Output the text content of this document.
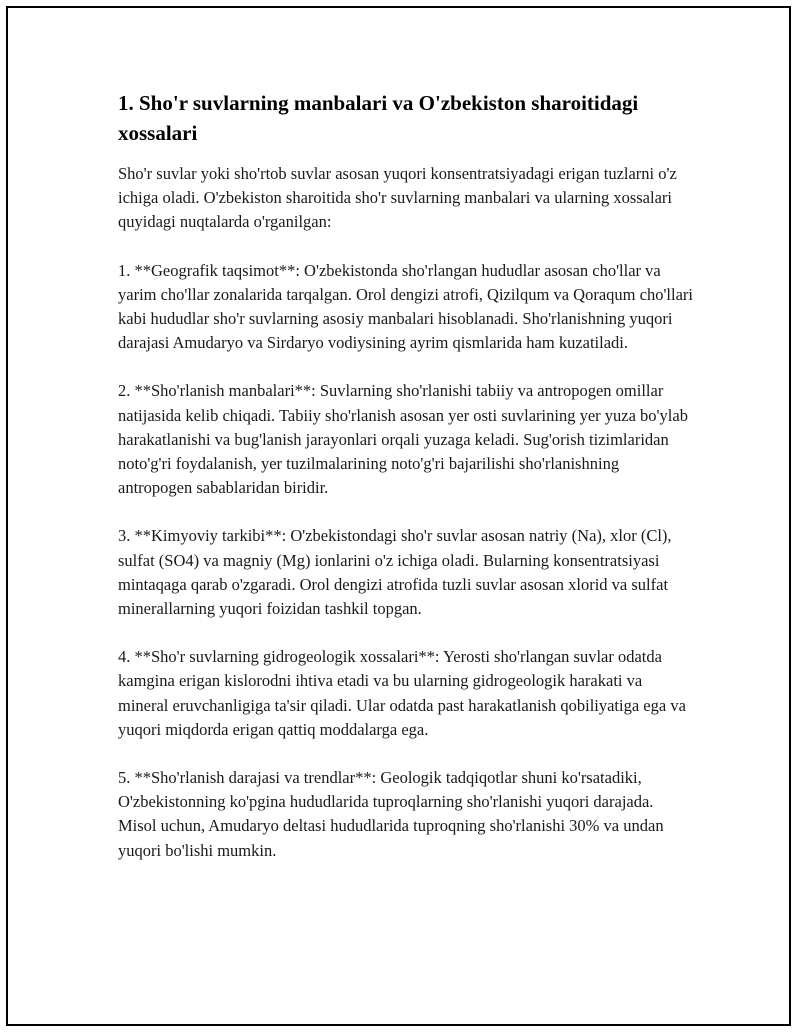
1. Sho'r suvlarning manbalari va O'zbekiston sharoitidagi xossalari

Sho'r suvlar yoki sho'rtob suvlar asosan yuqori konsentratsiyadagi erigan tuzlarni o'z ichiga oladi. O'zbekiston sharoitida sho'r suvlarning manbalari va ularning xossalari quyidagi nuqtalarda o'rganilgan:

1. **Geografik taqsimot**: O'zbekistonda sho'rlangan hududlar asosan cho'llar va yarim cho'llar zonalarida tarqalgan. Orol dengizi atrofi, Qizilqum va Qoraqum cho'llari kabi hududlar sho'r suvlarning asosiy manbalari hisoblanadi. Sho'rlanishning yuqori darajasi Amudaryo va Sirdaryo vodiysining ayrim qismlarida ham kuzatiladi.

2. **Sho'rlanish manbalari**: Suvlarning sho'rlanishi tabiiy va antropogen omillar natijasida kelib chiqadi. Tabiiy sho'rlanish asosan yer osti suvlarining yer yuza bo'ylab harakatlanishi va bug'lanish jarayonlari orqali yuzaga keladi. Sug'orish tizimlaridan noto'g'ri foydalanish, yer tuzilmalarining noto'g'ri bajarilishi sho'rlanishning antropogen sabablaridan biridir.

3. **Kimyoviy tarkibi**: O'zbekistondagi sho'r suvlar asosan natriy (Na), xlor (Cl), sulfat (SO4) va magniy (Mg) ionlarini o'z ichiga oladi. Bularning konsentratsiyasi mintaqaga qarab o'zgaradi. Orol dengizi atrofida tuzli suvlar asosan xlorid va sulfat minerallarning yuqori foizidan tashkil topgan.

4. **Sho'r suvlarning gidrogeologik xossalari**: Yerosti sho'rlangan suvlar odatda kamgina erigan kislorodni ihtiva etadi va bu ularning gidrogeologik harakati va mineral eruvchanligiga ta'sir qiladi. Ular odatda past harakatlanish qobiliyatiga ega va yuqori miqdorda erigan qattiq moddalarga ega.

5. **Sho'rlanish darajasi va trendlar**: Geologik tadqiqotlar shuni ko'rsatadiki, O'zbekistonning ko'pgina hududlarida tuproqlarning sho'rlanishi yuqori darajada. Misol uchun, Amudaryo deltasi hududlarida tuproqning sho'rlanishi 30% va undan yuqori bo'lishi mumkin.
